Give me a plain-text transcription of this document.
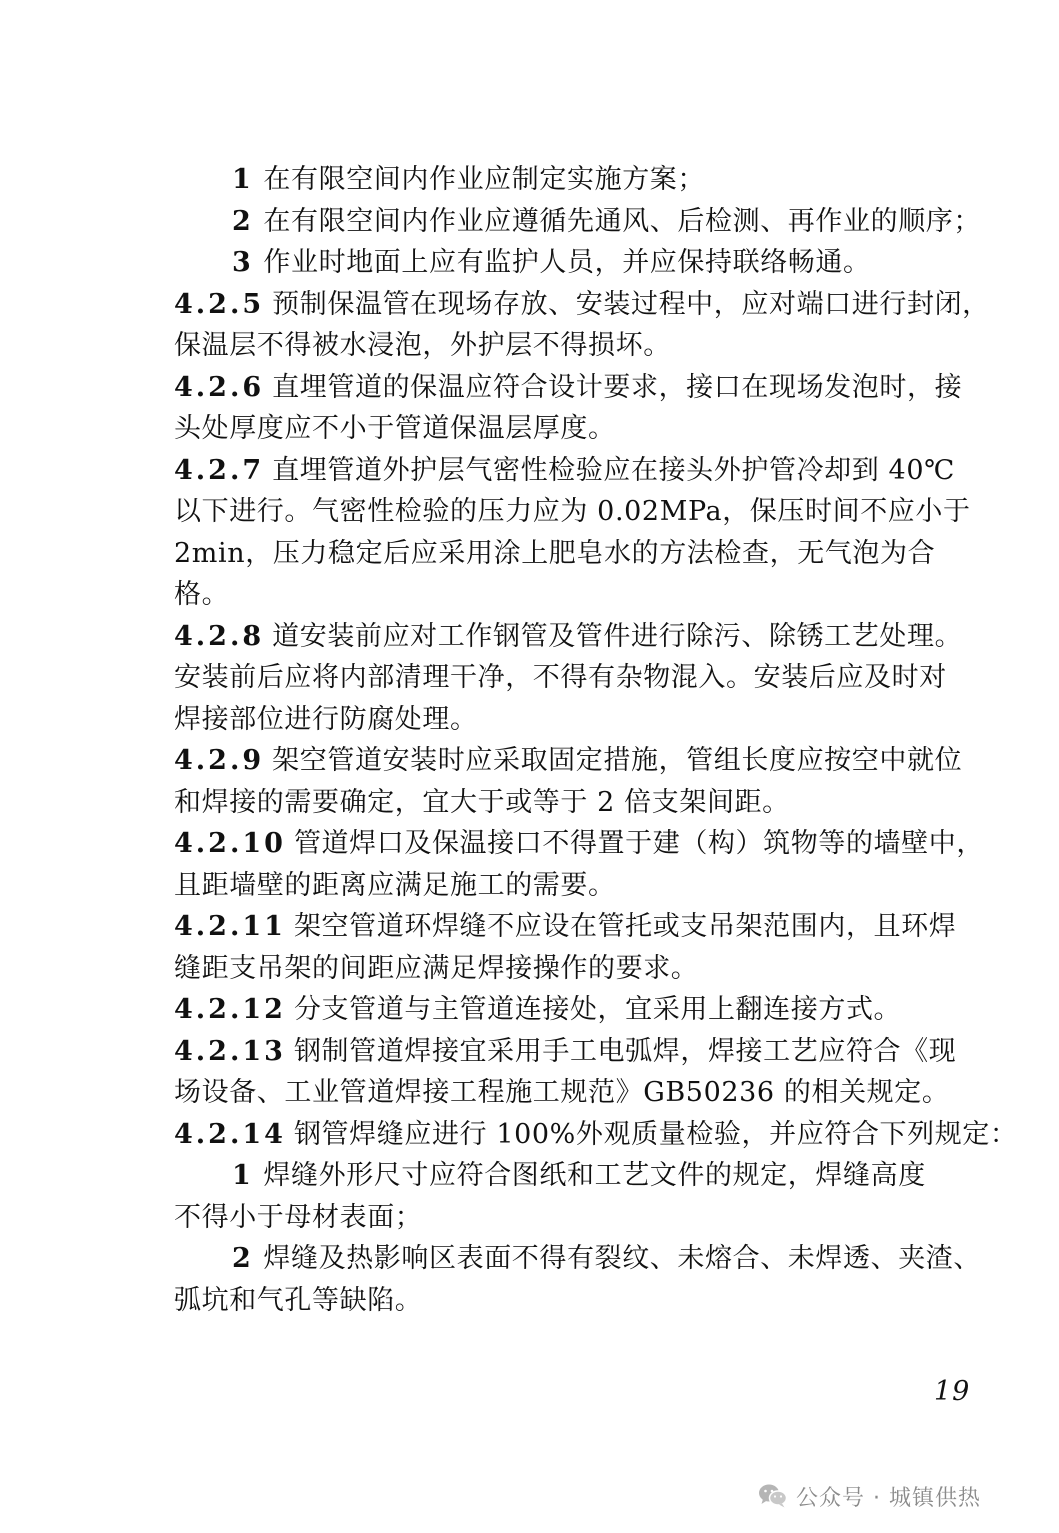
1 在有限空间内作业应制定实施方案；
2 在有限空间内作业应遵循先通风、后检测、再作业的顺序；
3 作业时地面上应有监护人员，并应保持联络畅通。
4.2.5 预制保温管在现场存放、安装过程中，应对端口进行封闭，
保温层不得被水浸泡，外护层不得损坏。
4.2.6 直埋管道的保温应符合设计要求，接口在现场发泡时，接
头处厚度应不小于管道保温层厚度。
4.2.7 直埋管道外护层气密性检验应在接头外护管冷却到 40℃
以下进行。气密性检验的压力应为 0.02MPa，保压时间不应小于
2min，压力稳定后应采用涂上肥皂水的方法检查，无气泡为合
格。
4.2.8 道安装前应对工作钢管及管件进行除污、除锈工艺处理。
安装前后应将内部清理干净，不得有杂物混入。安装后应及时对
焊接部位进行防腐处理。
4.2.9 架空管道安装时应采取固定措施，管组长度应按空中就位
和焊接的需要确定，宜大于或等于 2 倍支架间距。
4.2.10 管道焊口及保温接口不得置于建（构）筑物等的墙壁中，
且距墙壁的距离应满足施工的需要。
4.2.11 架空管道环焊缝不应设在管托或支吊架范围内，且环焊
缝距支吊架的间距应满足焊接操作的要求。
4.2.12 分支管道与主管道连接处，宜采用上翻连接方式。
4.2.13 钢制管道焊接宜采用手工电弧焊，焊接工艺应符合《现
场设备、工业管道焊接工程施工规范》GB50236 的相关规定。
4.2.14 钢管焊缝应进行 100%外观质量检验，并应符合下列规定：
1 焊缝外形尺寸应符合图纸和工艺文件的规定，焊缝高度
不得小于母材表面；
2 焊缝及热影响区表面不得有裂纹、未熔合、未焊透、夹渣、
弧坑和气孔等缺陷。
19
公众号 · 城镇供热
